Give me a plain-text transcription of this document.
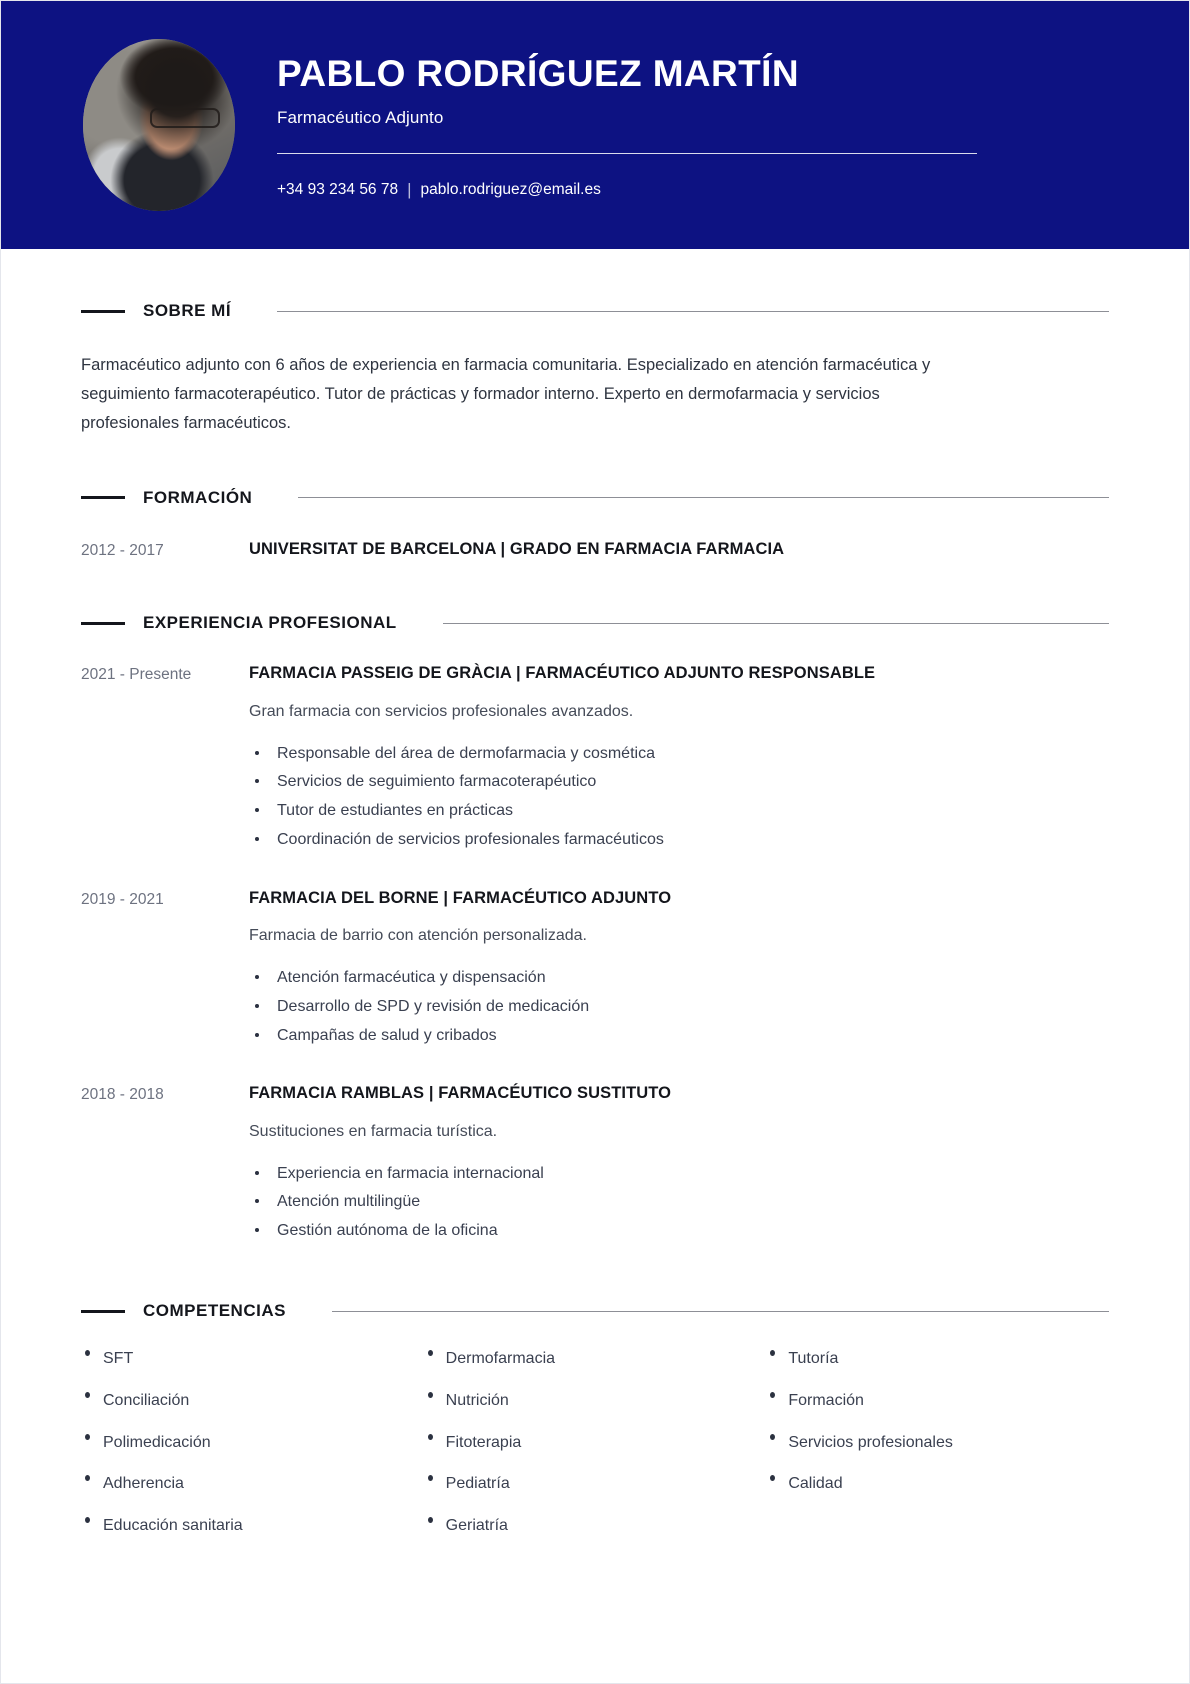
PABLO RODRÍGUEZ MARTÍN
Farmacéutico Adjunto
+34 93 234 56 78 | pablo.rodriguez@email.es
SOBRE MÍ

Farmacéutico adjunto con 6 años de experiencia en farmacia comunitaria. Especializado en atención farmacéutica y seguimiento farmacoterapéutico. Tutor de prácticas y formador interno. Experto en dermofarmacia y servicios profesionales farmacéuticos.

FORMACIÓN
2012 - 2017	UNIVERSITAT DE BARCELONA | GRADO EN FARMACIA FARMACIA
EXPERIENCIA PROFESIONAL
2021 - Presente	FARMACIA PASSEIG DE GRÀCIA | FARMACÉUTICO ADJUNTO RESPONSABLE
Gran farmacia con servicios profesionales avanzados.
Responsable del área de dermofarmacia y cosmética
Servicios de seguimiento farmacoterapéutico
Tutor de estudiantes en prácticas
Coordinación de servicios profesionales farmacéuticos
2019 - 2021	FARMACIA DEL BORNE | FARMACÉUTICO ADJUNTO
Farmacia de barrio con atención personalizada.
Atención farmacéutica y dispensación
Desarrollo de SPD y revisión de medicación
Campañas de salud y cribados
2018 - 2018	FARMACIA RAMBLAS | FARMACÉUTICO SUSTITUTO
Sustituciones en farmacia turística.
Experiencia en farmacia internacional
Atención multilingüe
Gestión autónoma de la oficina
COMPETENCIAS
SFT
Conciliación
Polimedicación
Adherencia
Educación sanitaria
Dermofarmacia
Nutrición
Fitoterapia
Pediatría
Geriatría
Tutoría
Formación
Servicios profesionales
Calidad
